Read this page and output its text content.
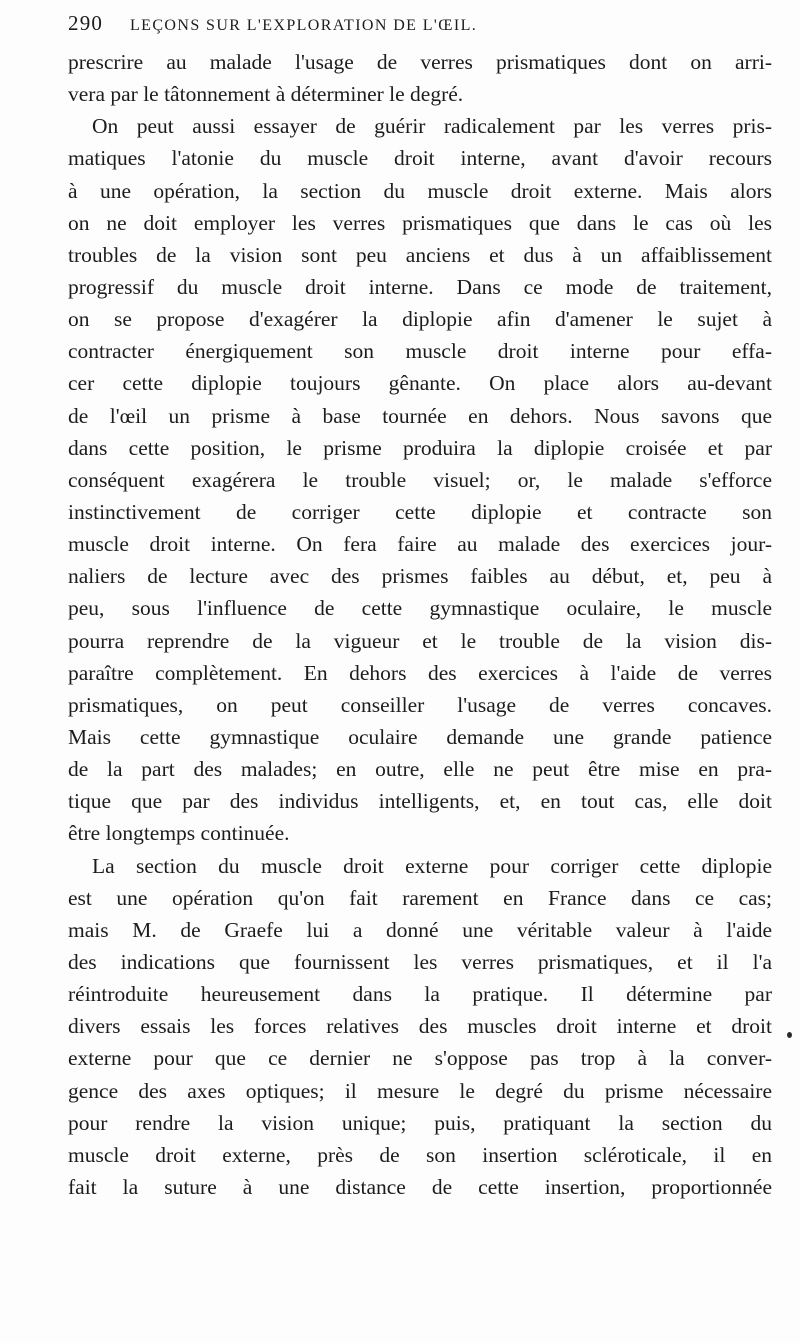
290 LEÇONS SUR L'EXPLORATION DE L'ŒIL.
prescrire au malade l'usage de verres prismatiques dont on arri-
vera par le tâtonnement à déterminer le degré.
On peut aussi essayer de guérir radicalement par les verres pris-
matiques l'atonie du muscle droit interne, avant d'avoir recours
à une opération, la section du muscle droit externe. Mais alors
on ne doit employer les verres prismatiques que dans le cas où les
troubles de la vision sont peu anciens et dus à un affaiblissement
progressif du muscle droit interne. Dans ce mode de traitement,
on se propose d'exagérer la diplopie afin d'amener le sujet à
contracter énergiquement son muscle droit interne pour effa-
cer cette diplopie toujours gênante. On place alors au-devant
de l'œil un prisme à base tournée en dehors. Nous savons que
dans cette position, le prisme produira la diplopie croisée et par
conséquent exagérera le trouble visuel; or, le malade s'efforce
instinctivement de corriger cette diplopie et contracte son
muscle droit interne. On fera faire au malade des exercices jour-
naliers de lecture avec des prismes faibles au début, et, peu à
peu, sous l'influence de cette gymnastique oculaire, le muscle
pourra reprendre de la vigueur et le trouble de la vision dis-
paraître complètement. En dehors des exercices à l'aide de verres
prismatiques, on peut conseiller l'usage de verres concaves.
Mais cette gymnastique oculaire demande une grande patience
de la part des malades; en outre, elle ne peut être mise en pra-
tique que par des individus intelligents, et, en tout cas, elle doit
être longtemps continuée.
La section du muscle droit externe pour corriger cette diplopie
est une opération qu'on fait rarement en France dans ce cas;
mais M. de Graefe lui a donné une véritable valeur à l'aide
des indications que fournissent les verres prismatiques, et il l'a
réintroduite heureusement dans la pratique. Il détermine par
divers essais les forces relatives des muscles droit interne et droit
externe pour que ce dernier ne s'oppose pas trop à la conver-
gence des axes optiques; il mesure le degré du prisme nécessaire
pour rendre la vision unique; puis, pratiquant la section du
muscle droit externe, près de son insertion scléroticale, il en
fait la suture à une distance de cette insertion, proportionnée
